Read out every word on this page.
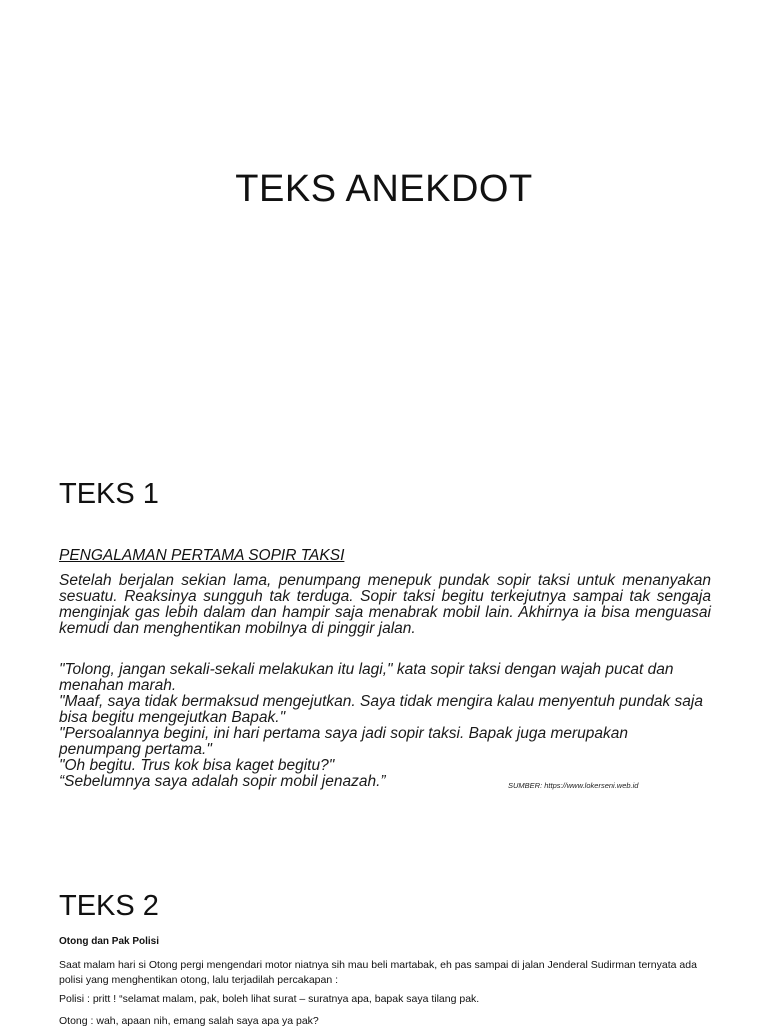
TEKS ANEKDOT
TEKS 1

PENGALAMAN PERTAMA SOPIR TAKSI

Setelah berjalan sekian lama, penumpang menepuk pundak sopir taksi untuk menanyakan sesuatu. Reaksinya sungguh tak terduga. Sopir taksi begitu terkejutnya sampai tak sengaja menginjak gas lebih dalam dan hampir saja menabrak mobil lain. Akhirnya ia bisa menguasai kemudi dan menghentikan mobilnya di pinggir jalan.

"Tolong, jangan sekali-sekali melakukan itu lagi," kata sopir taksi dengan wajah pucat dan menahan marah.
"Maaf, saya tidak bermaksud mengejutkan. Saya tidak mengira kalau menyentuh pundak saja bisa begitu mengejutkan Bapak."
"Persoalannya begini, ini hari pertama saya jadi sopir taksi. Bapak juga merupakan penumpang pertama."
"Oh begitu. Trus kok bisa kaget begitu?"
“Sebelumnya saya adalah sopir mobil jenazah.”	SUMBER: https://www.lokerseni.web.id

TEKS 2

Otong dan Pak Polisi

Saat malam hari si Otong pergi mengendari motor niatnya sih mau beli martabak, eh pas sampai di jalan Jenderal Sudirman ternyata ada polisi yang menghentikan otong, lalu terjadilah percakapan :

Polisi : pritt ! “selamat malam, pak, boleh lihat surat – suratnya apa, bapak saya tilang pak.

Otong : wah, apaan nih, emang salah saya apa ya pak?
